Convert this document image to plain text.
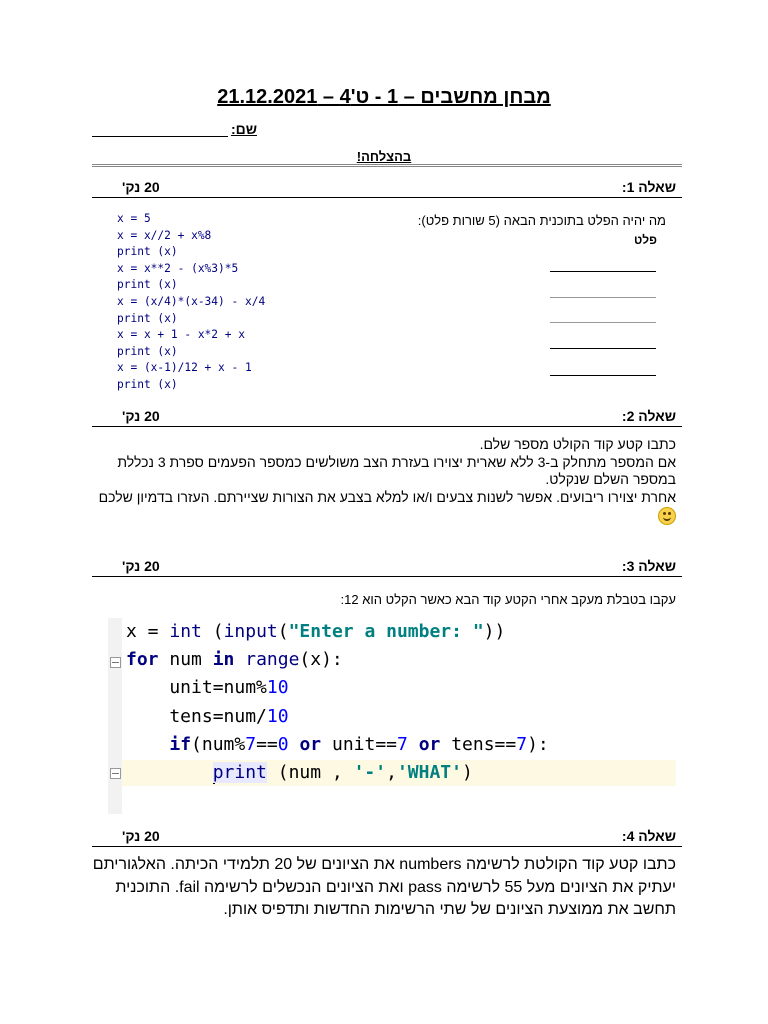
מבחן מחשבים – 1 - ט'4 – 21.12.2021
שם:
בהצלחה!
שאלה 1:
20 נק'
x = 5
x = x//2 + x%8
print (x)
x = x**2 - (x%3)*5
print (x)
x = (x/4)*(x-34) - x/4
print (x)
x = x + 1 - x*2 + x
print (x)
x = (x-1)/12 + x - 1
print (x)
מה יהיה הפלט בתוכנית הבאה (5 שורות פלט):
פלט
שאלה 2:
20 נק'
כתבו קטע קוד הקולט מספר שלם.
אם המספר מתחלק ב-3 ללא שארית יצוירו בעזרת הצב משולשים כמספר הפעמים ספרת 3 נכללת במספר השלם שנקלט.
אחרת יצוירו ריבועים. אפשר לשנות צבעים ו/או למלא בצבע את הצורות שציירתם. העזרו בדמיון שלכם
שאלה 3:
20 נק'
עקבו בטבלת מעקב אחרי הקטע קוד הבא כאשר הקלט הוא 12:
x = int (input("Enter a number: "))
for num in range(x):
unit=num%10
tens=num/10
if(num%7==0 or unit==7 or tens==7):
print (num , '-','WHAT')
שאלה 4:
20 נק'
כתבו קטע קוד הקולטת לרשימה numbers את הציונים של 20 תלמידי הכיתה. האלגוריתם יעתיק את הציונים מעל 55 לרשימה pass ואת הציונים הנכשלים לרשימה fail. התוכנית תחשב את ממוצעת הציונים של שתי הרשימות החדשות ותדפיס אותן.
